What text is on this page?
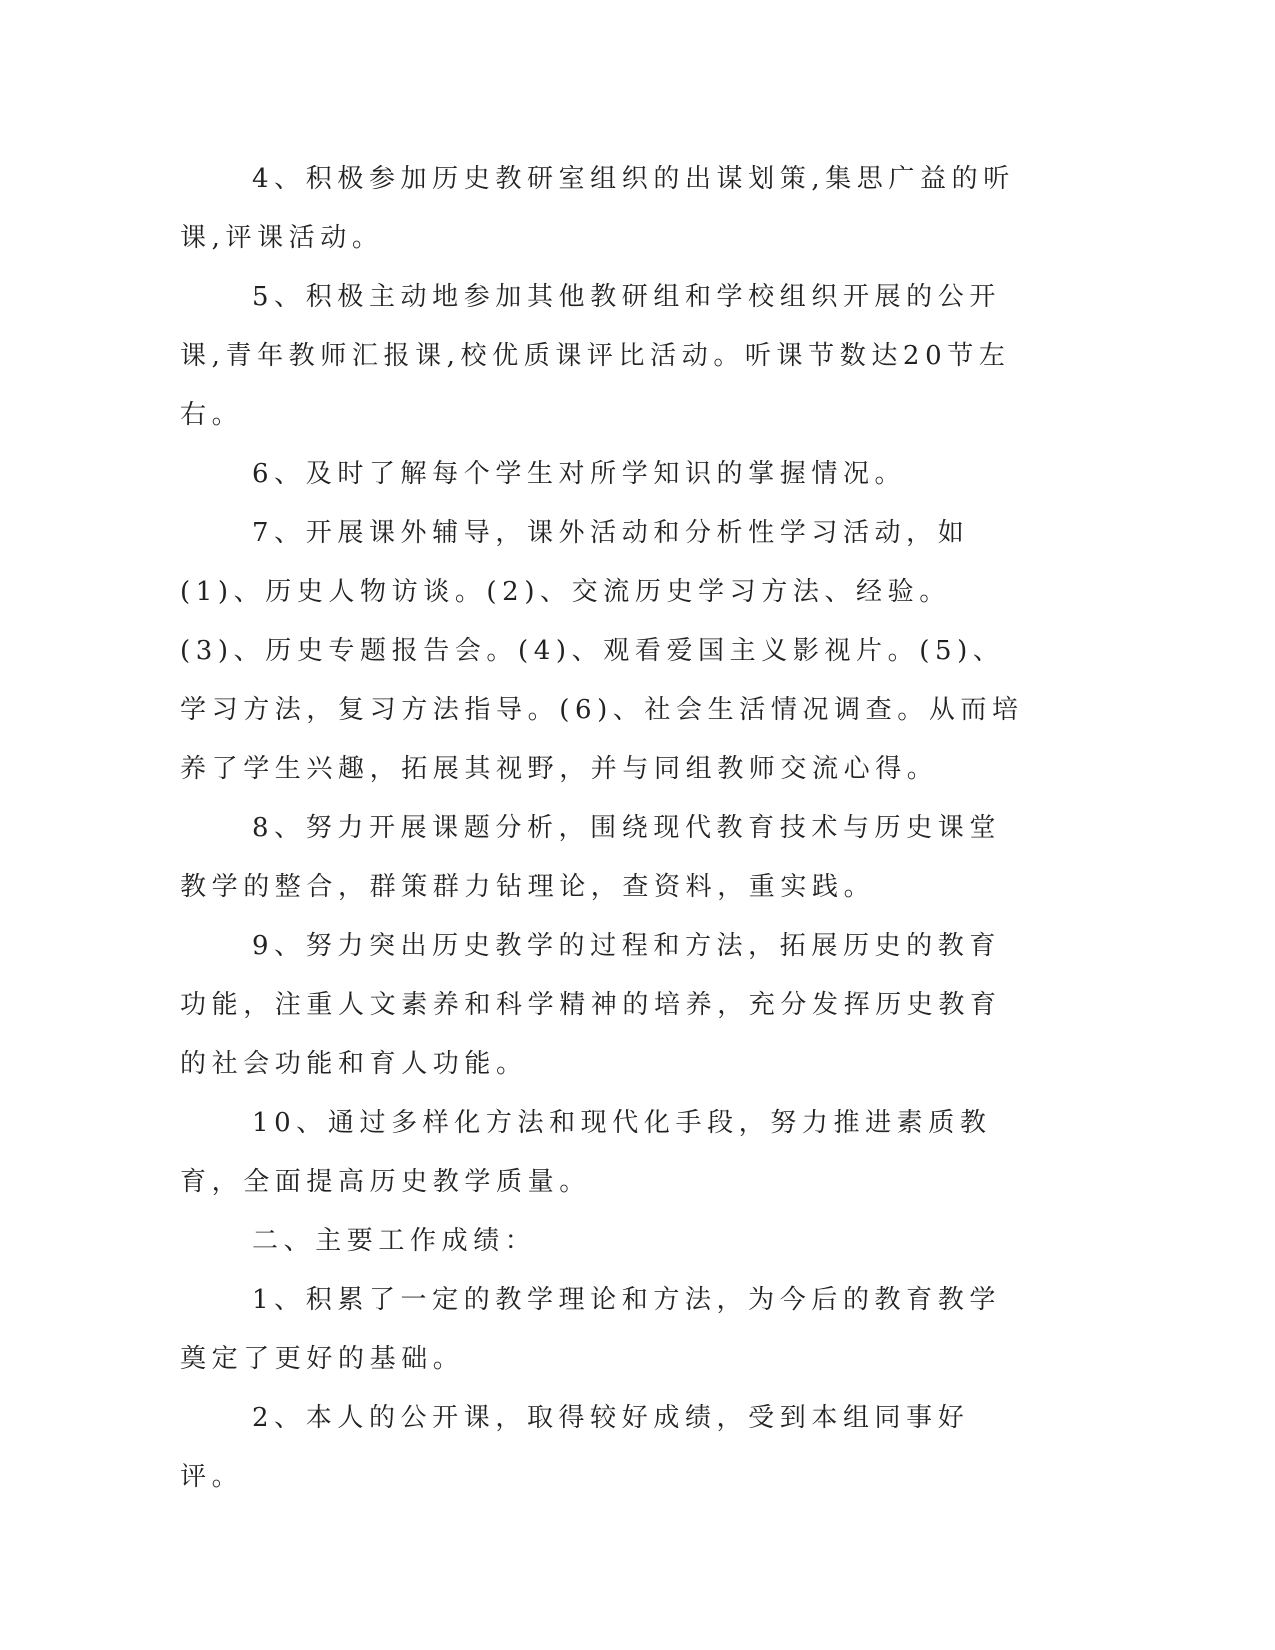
4、积极参加历史教研室组织的出谋划策,集思广益的听课,评课活动。

5、积极主动地参加其他教研组和学校组织开展的公开课,青年教师汇报课,校优质课评比活动。听课节数达20节左右。

6、及时了解每个学生对所学知识的掌握情况。

7、开展课外辅导，课外活动和分析性学习活动，如(1)、历史人物访谈。(2)、交流历史学习方法、经验。(3)、历史专题报告会。(4)、观看爱国主义影视片。(5)、学习方法，复习方法指导。(6)、社会生活情况调查。从而培养了学生兴趣，拓展其视野，并与同组教师交流心得。

8、努力开展课题分析，围绕现代教育技术与历史课堂教学的整合，群策群力钻理论，查资料，重实践。

9、努力突出历史教学的过程和方法，拓展历史的教育功能，注重人文素养和科学精神的培养，充分发挥历史教育的社会功能和育人功能。

10、通过多样化方法和现代化手段，努力推进素质教育，全面提高历史教学质量。

二、主要工作成绩：

1、积累了一定的教学理论和方法，为今后的教育教学奠定了更好的基础。

2、本人的公开课，取得较好成绩，受到本组同事好评。
